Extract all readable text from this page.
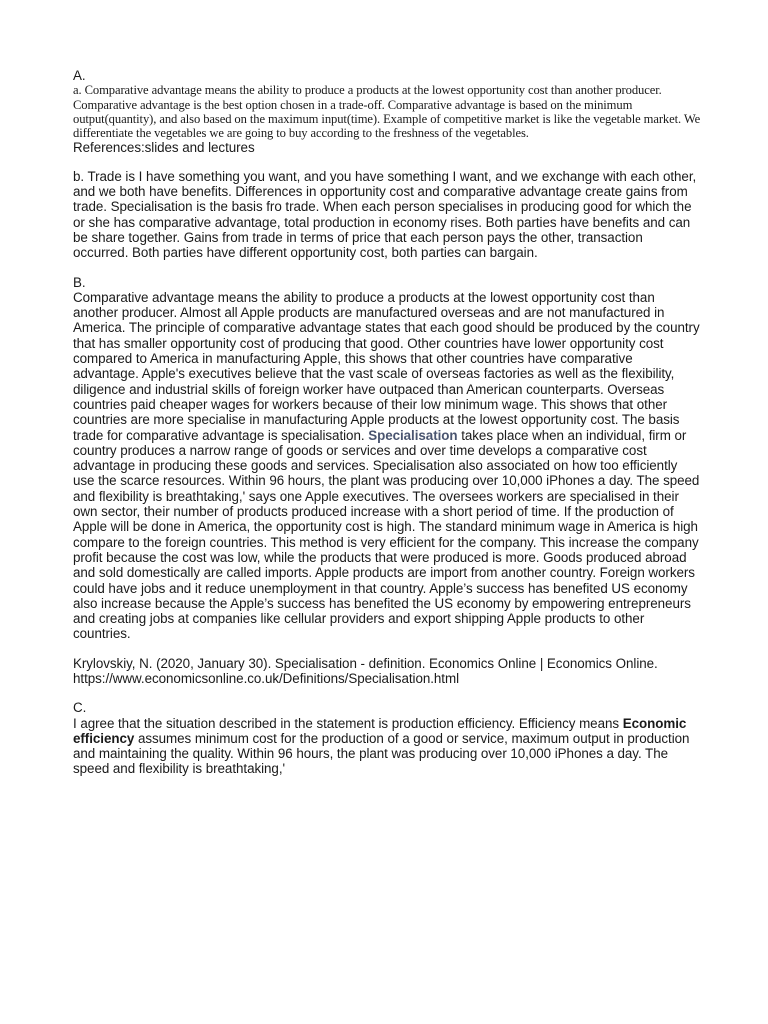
A.

a. Comparative advantage means the ability to produce a products at the lowest opportunity cost than another producer. Comparative advantage is the best option chosen in a trade-off. Comparative advantage is based on the minimum output(quantity), and also based on the maximum input(time). Example of competitive market is like the vegetable market. We differentiate the vegetables we are going to buy according to the freshness of the vegetables.

References:slides and lectures

b. Trade is I have something you want, and you have something I want, and we exchange with each other, and we both have benefits. Differences in opportunity cost and comparative advantage create gains from trade. Specialisation is the basis fro trade. When each person specialises in producing good for which the or she has comparative advantage, total production in economy rises. Both parties have benefits and can be share together. Gains from trade in terms of price that each person pays the other, transaction occurred. Both parties have different opportunity cost, both parties can bargain.

B.

Comparative advantage means the ability to produce a products at the lowest opportunity cost than another producer. Almost all Apple products are manufactured overseas and are not manufactured in America. The principle of comparative advantage states that each good should be produced by the country that has smaller opportunity cost of producing that good. Other countries have lower opportunity cost compared to America in manufacturing Apple, this shows that other countries have comparative advantage. Apple's executives believe that the vast scale of overseas factories as well as the flexibility, diligence and industrial skills of foreign worker have outpaced than American counterparts. Overseas countries paid cheaper wages for workers because of their low minimum wage. This shows that other countries are more specialise in manufacturing Apple products at the lowest opportunity cost. The basis trade for comparative advantage is specialisation. Specialisation takes place when an individual, firm or country produces a narrow range of goods or services and over time develops a comparative cost advantage in producing these goods and services. Specialisation also associated on how too efficiently use the scarce resources. Within 96 hours, the plant was producing over 10,000 iPhones a day. The speed and flexibility is breathtaking,' says one Apple executives. The oversees workers are specialised in their own sector, their number of products produced increase with a short period of time. If the production of Apple will be done in America, the opportunity cost is high. The standard minimum wage in America is high compare to the foreign countries. This method is very efficient for the company. This increase the company profit because the cost was low, while the products that were produced is more. Goods produced abroad and sold domestically are called imports. Apple products are import from another country. Foreign workers could have jobs and it reduce unemployment in that country. Apple’s success has benefited US economy also increase because the Apple’s success has benefited the US economy by empowering entrepreneurs and creating jobs at companies like cellular providers and export shipping Apple products to other countries.

Krylovskiy, N. (2020, January 30). Specialisation - definition. Economics Online | Economics Online. https://www.economicsonline.co.uk/Definitions/Specialisation.html

C.

I agree that the situation described in the statement is production efficiency. Efficiency means Economic efficiency assumes minimum cost for the production of a good or service, maximum output in production and maintaining the quality. Within 96 hours, the plant was producing over 10,000 iPhones a day. The speed and flexibility is breathtaking,'
